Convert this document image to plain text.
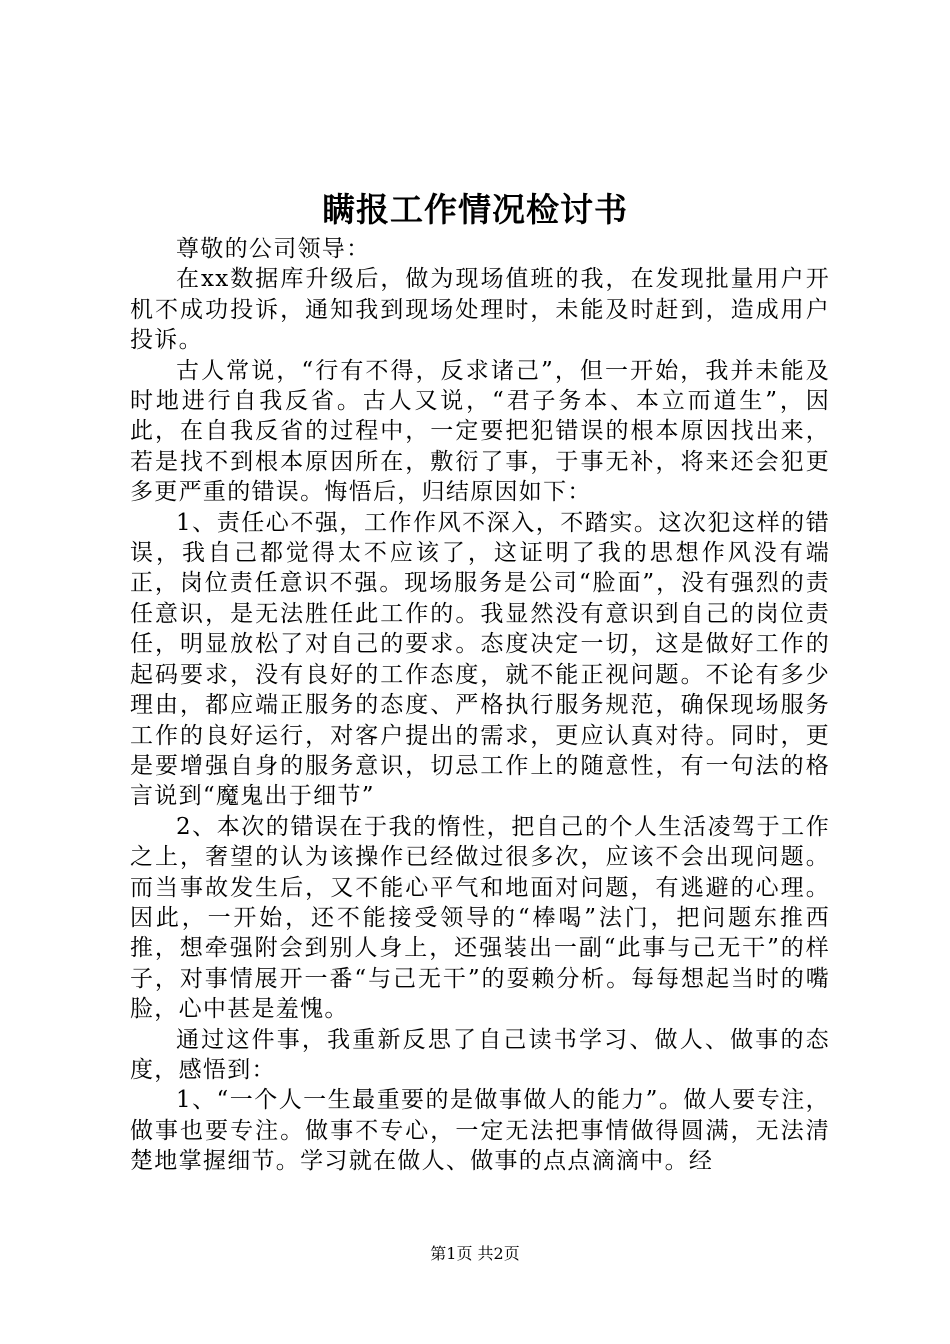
瞒报工作情况检讨书

尊敬的公司领导：

在xx数据库升级后，做为现场值班的我，在发现批量用户开机不成功投诉，通知我到现场处理时，未能及时赶到，造成用户投诉。

古人常说，“行有不得，反求诸己”，但一开始，我并未能及时地进行自我反省。古人又说，“君子务本、本立而道生”，因此，在自我反省的过程中，一定要把犯错误的根本原因找出来，若是找不到根本原因所在，敷衍了事，于事无补，将来还会犯更多更严重的错误。悔悟后，归结原因如下：

1、责任心不强，工作作风不深入，不踏实。这次犯这样的错误，我自己都觉得太不应该了，这证明了我的思想作风没有端正，岗位责任意识不强。现场服务是公司“脸面”，没有强烈的责任意识，是无法胜任此工作的。我显然没有意识到自己的岗位责任，明显放松了对自己的要求。态度决定一切，这是做好工作的起码要求，没有良好的工作态度，就不能正视问题。不论有多少理由，都应端正服务的态度、严格执行服务规范，确保现场服务工作的良好运行，对客户提出的需求，更应认真对待。同时，更是要增强自身的服务意识，切忌工作上的随意性，有一句法的格言说到“魔鬼出于细节”

2、本次的错误在于我的惰性，把自己的个人生活凌驾于工作之上，奢望的认为该操作已经做过很多次，应该不会出现问题。而当事故发生后，又不能心平气和地面对问题，有逃避的心理。因此，一开始，还不能接受领导的“棒喝”法门，把问题东推西推，想牵强附会到别人身上，还强装出一副“此事与己无干”的样子，对事情展开一番“与己无干”的耍赖分析。每每想起当时的嘴脸，心中甚是羞愧。

通过这件事，我重新反思了自己读书学习、做人、做事的态度，感悟到：

1、“一个人一生最重要的是做事做人的能力”。做人要专注，做事也要专注。做事不专心，一定无法把事情做得圆满，无法清楚地掌握细节。学习就在做人、做事的点点滴滴中。经

第1页 共2页
